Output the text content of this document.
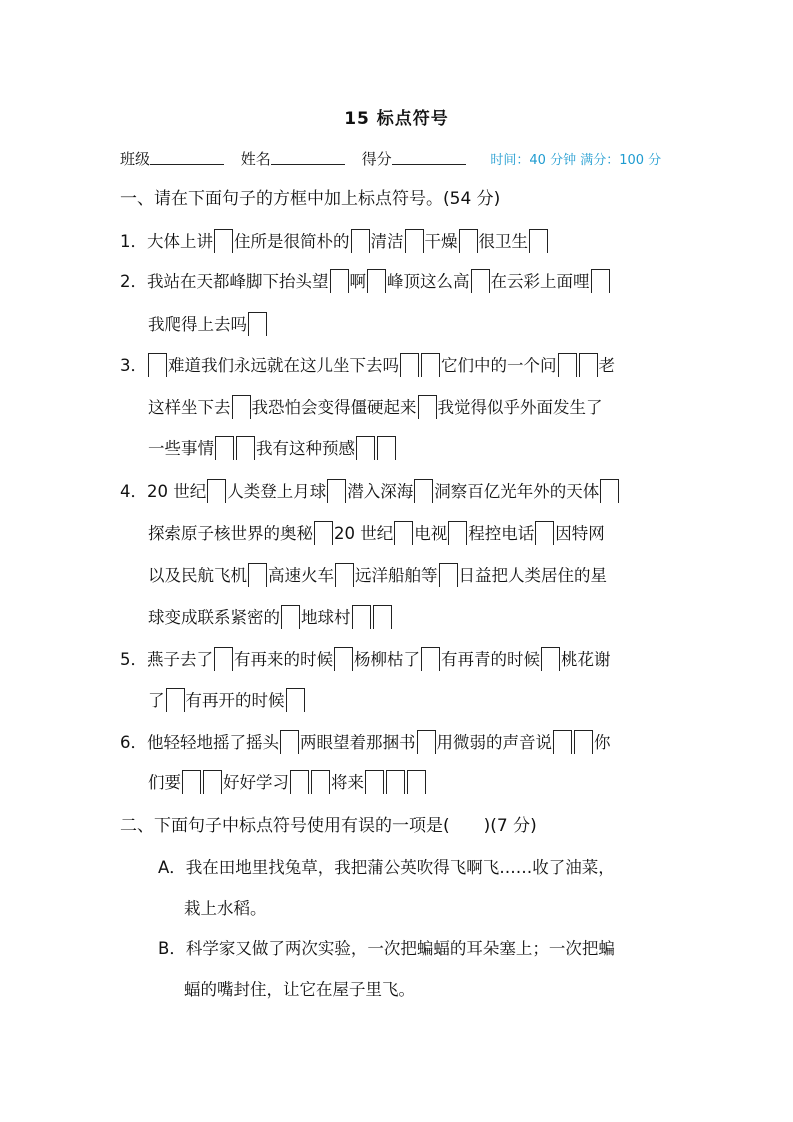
15 标点符号
班级	姓名	得分	时间：40 分钟 满分：100 分
一、请在下面句子的方框中加上标点符号。(54 分)
1．大体上讲 住所是很简朴的 清洁 干燥 很卫生
2．我站在天都峰脚下抬头望 啊 峰顶这么高 在云彩上面哩
我爬得上去吗
3． 难道我们永远就在这儿坐下去吗	它们中的一个问	老
这样坐下去 我恐怕会变得僵硬起来 我觉得似乎外面发生了
一些事情	我有这种预感
4．20 世纪 人类登上月球 潜入深海 洞察百亿光年外的天体
探索原子核世界的奥秘 20 世纪 电视 程控电话 因特网
以及民航飞机 高速火车 远洋船舶等 日益把人类居住的星
球变成联系紧密的 地球村
5．燕子去了 有再来的时候 杨柳枯了 有再青的时候 桃花谢
了 有再开的时候
6．他轻轻地摇了摇头 两眼望着那捆书 用微弱的声音说	你
们要	好好学习	将来
二、下面句子中标点符号使用有误的一项是(　　)(7 分)
A．我在田地里找兔草，我把蒲公英吹得飞啊飞……收了油菜，
栽上水稻。
B．科学家又做了两次实验，一次把蝙蝠的耳朵塞上；一次把蝙
蝠的嘴封住，让它在屋子里飞。
